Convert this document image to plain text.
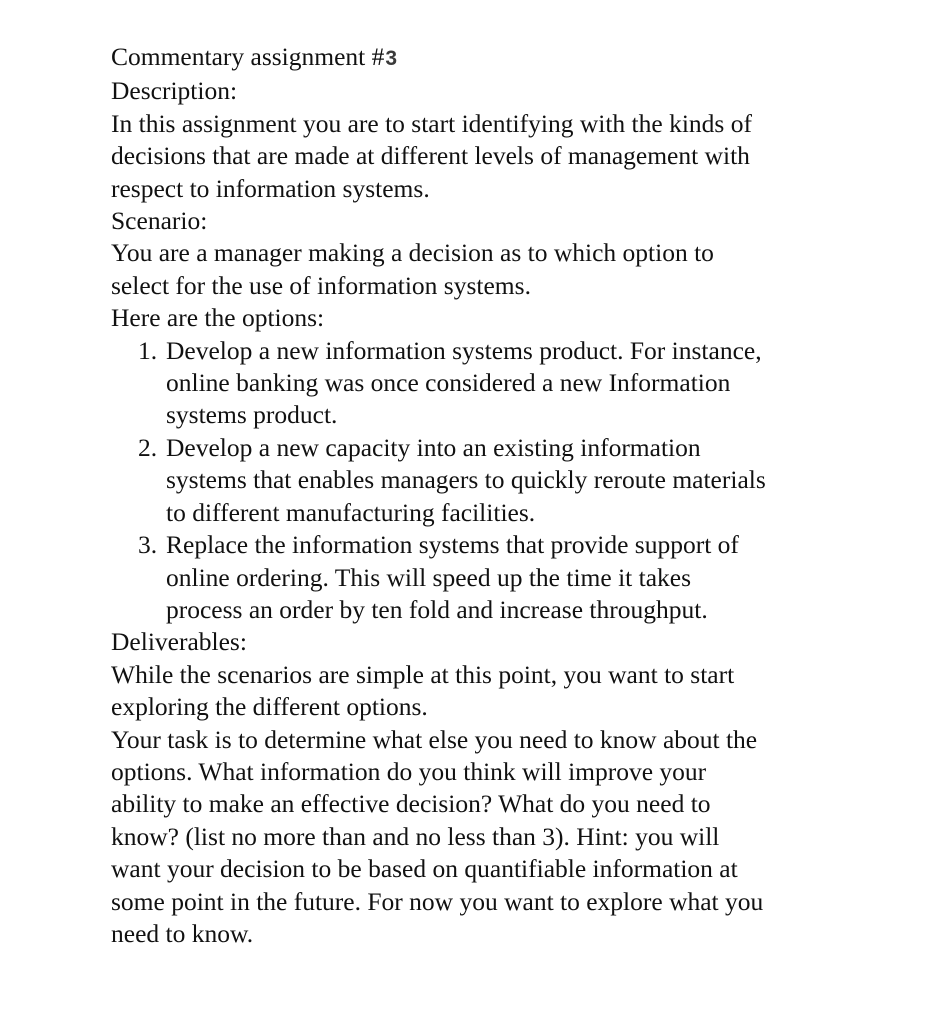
Commentary assignment #3
Description:
In this assignment you are to start identifying with the kinds of
decisions that are made at different levels of management with
respect to information systems.
Scenario:
You are a manager making a decision as to which option to
select for the use of information systems.
Here are the options:
1. Develop a new information systems product. For instance,
online banking was once considered a new Information
systems product.
2. Develop a new capacity into an existing information
systems that enables managers to quickly reroute materials
to different manufacturing facilities.
3. Replace the information systems that provide support of
online ordering. This will speed up the time it takes
process an order by ten fold and increase throughput.
Deliverables:
While the scenarios are simple at this point, you want to start
exploring the different options.
Your task is to determine what else you need to know about the
options. What information do you think will improve your
ability to make an effective decision? What do you need to
know? (list no more than and no less than 3). Hint: you will
want your decision to be based on quantifiable information at
some point in the future. For now you want to explore what you
need to know.
